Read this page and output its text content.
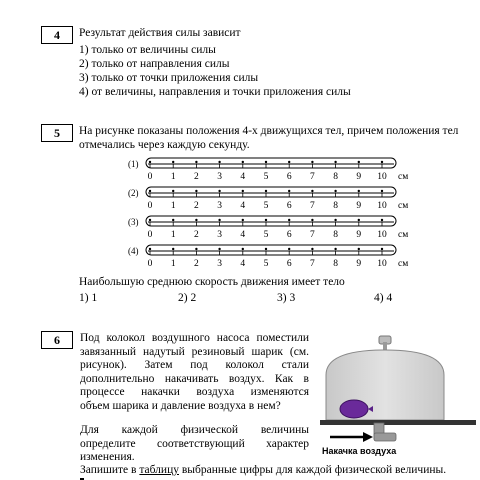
4	Результат действия силы зависит
1) только от величины силы
2) только от направления силы
3) только от точки приложения силы
4) от величины, направления и точки приложения силы
5	На рисунке показаны положения 4-х движущихся тел, причем положения тел
отмечались через каждую секунду.
(1)
0 1 2 3 4 5 6 7 8 9 10 см
(2)
0 1 2 3 4 5 6 7 8 9 10 см
(3)
0 1 2 3 4 5 6 7 8 9 10 см
(4)
0 1 2 3 4 5 6 7 8 9 10 см
Наибольшую среднюю скорость движения имеет тело
1) 1	2) 2	3) 3	4) 4
6	Под колокол воздушного насоса поместили
завязанный надутый резиновый шарик (см.
рисунок). Затем под колокол стали
дополнительно накачивать воздух. Как в
процессе накачки воздуха изменяются
объем шарика и давление воздуха в нем?
Для каждой физической величины
определите соответствующий характер
изменения.
Запишите в таблицу выбранные цифры для каждой физической величины.
Накачка воздуха
